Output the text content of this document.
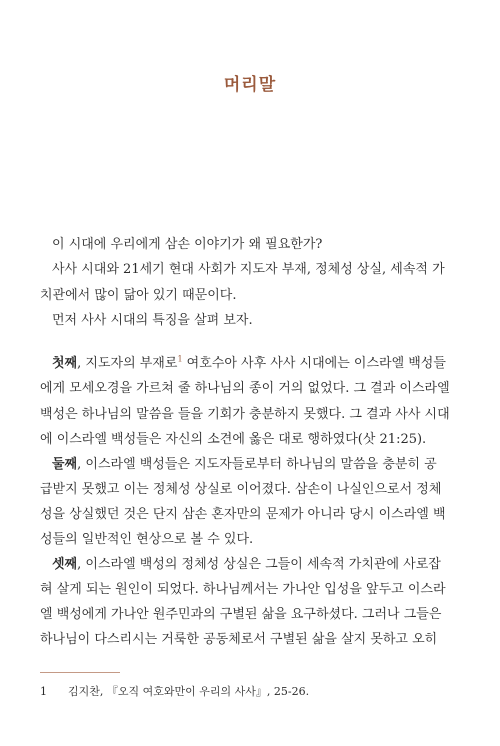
머리말
이 시대에 우리에게 삼손 이야기가 왜 필요한가?
사사 시대와 21세기 현대 사회가 지도자 부재, 정체성 상실, 세속적 가
치관에서 많이 닮아 있기 때문이다.
먼저 사사 시대의 특징을 살펴 보자.
첫째, 지도자의 부재로$^1$ 여호수아 사후 사사 시대에는 이스라엘 백성들
에게 모세오경을 가르쳐 줄 하나님의 종이 거의 없었다. 그 결과 이스라엘
백성은 하나님의 말씀을 들을 기회가 충분하지 못했다. 그 결과 사사 시대
에 이스라엘 백성들은 자신의 소견에 옳은 대로 행하였다(삿 21:25).
둘째, 이스라엘 백성들은 지도자들로부터 하나님의 말씀을 충분히 공
급받지 못했고 이는 정체성 상실로 이어졌다. 삼손이 나실인으로서 정체
성을 상실했던 것은 단지 삼손 혼자만의 문제가 아니라 당시 이스라엘 백
성들의 일반적인 현상으로 볼 수 있다.
셋째, 이스라엘 백성의 정체성 상실은 그들이 세속적 가치관에 사로잡
혀 살게 되는 원인이 되었다. 하나님께서는 가나안 입성을 앞두고 이스라
엘 백성에게 가나안 원주민과의 구별된 삶을 요구하셨다. 그러나 그들은
하나님이 다스리시는 거룩한 공동체로서 구별된 삶을 살지 못하고 오히
1 김지찬, 『오직 여호와만이 우리의 사사』, 25-26.
